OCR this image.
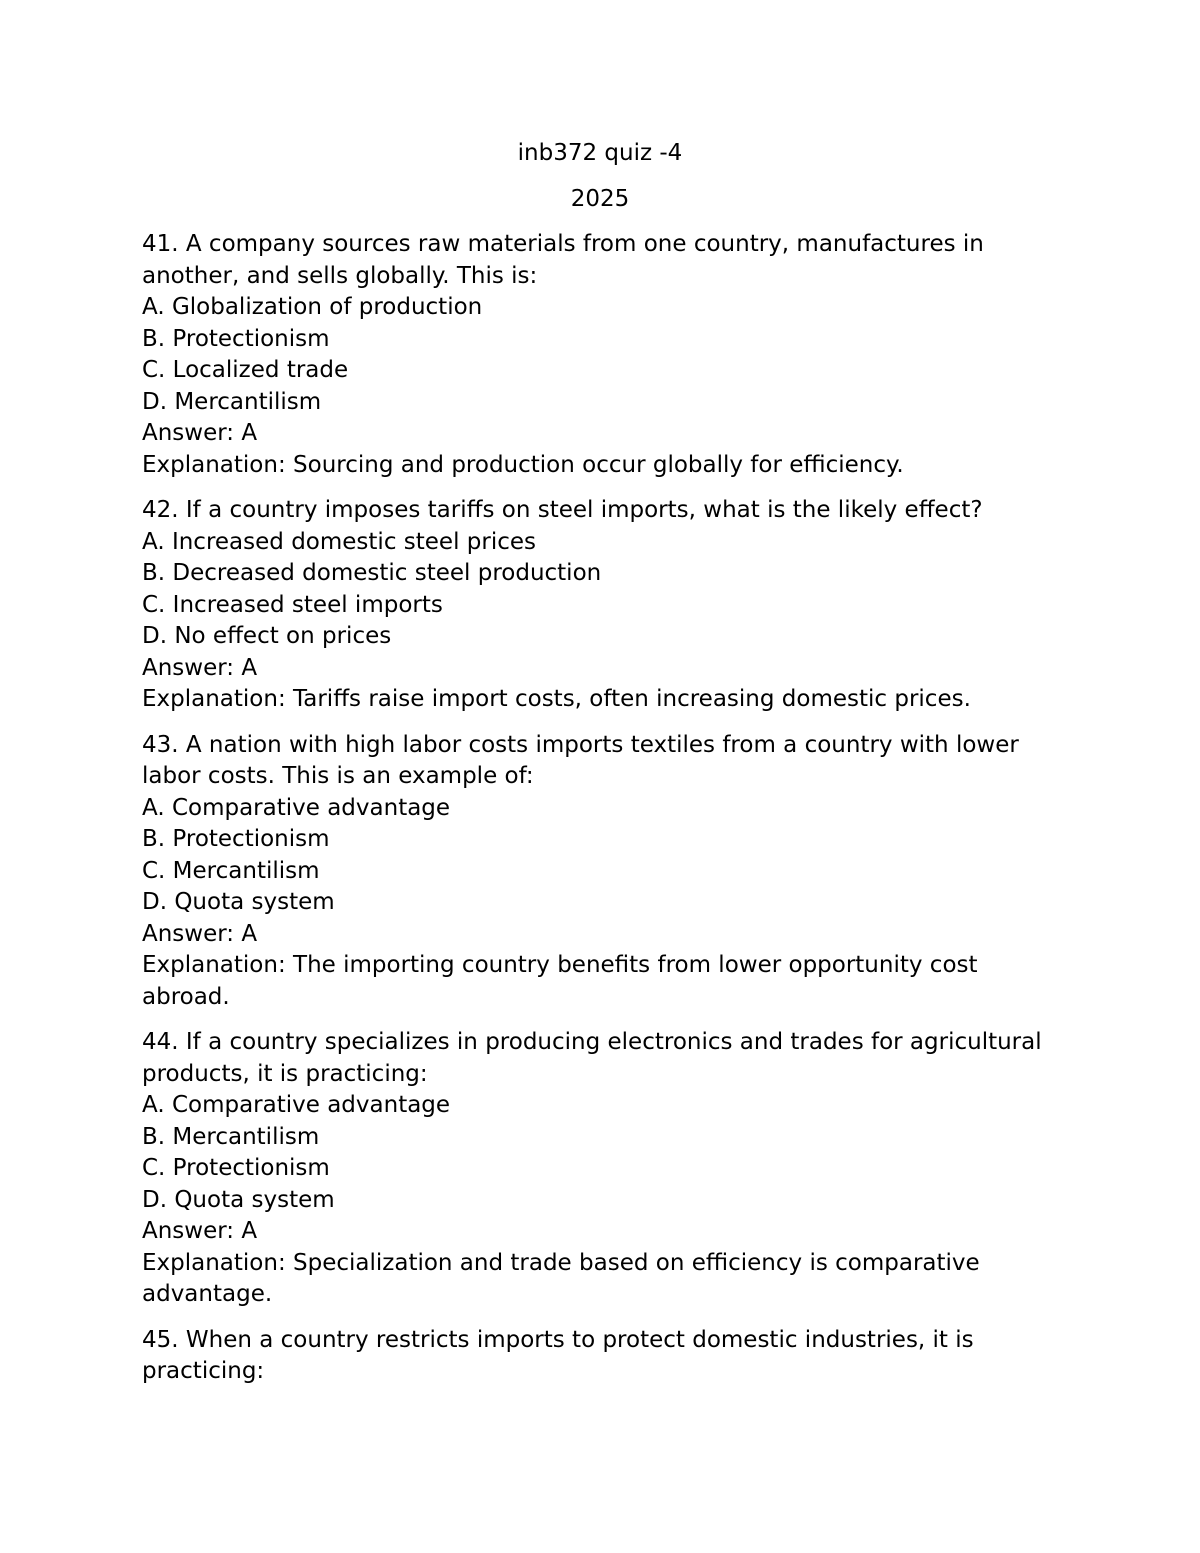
inb372 quiz -4

2025

41. A company sources raw materials from one country, manufactures in another, and sells globally. This is:
A. Globalization of production
B. Protectionism
C. Localized trade
D. Mercantilism
Answer: A
Explanation: Sourcing and production occur globally for efficiency.
42. If a country imposes tariffs on steel imports, what is the likely effect?
A. Increased domestic steel prices
B. Decreased domestic steel production
C. Increased steel imports
D. No effect on prices
Answer: A
Explanation: Tariffs raise import costs, often increasing domestic prices.
43. A nation with high labor costs imports textiles from a country with lower labor costs. This is an example of:
A. Comparative advantage
B. Protectionism
C. Mercantilism
D. Quota system
Answer: A
Explanation: The importing country benefits from lower opportunity cost abroad.
44. If a country specializes in producing electronics and trades for agricultural products, it is practicing:
A. Comparative advantage
B. Mercantilism
C. Protectionism
D. Quota system
Answer: A
Explanation: Specialization and trade based on efficiency is comparative advantage.
45. When a country restricts imports to protect domestic industries, it is practicing:
